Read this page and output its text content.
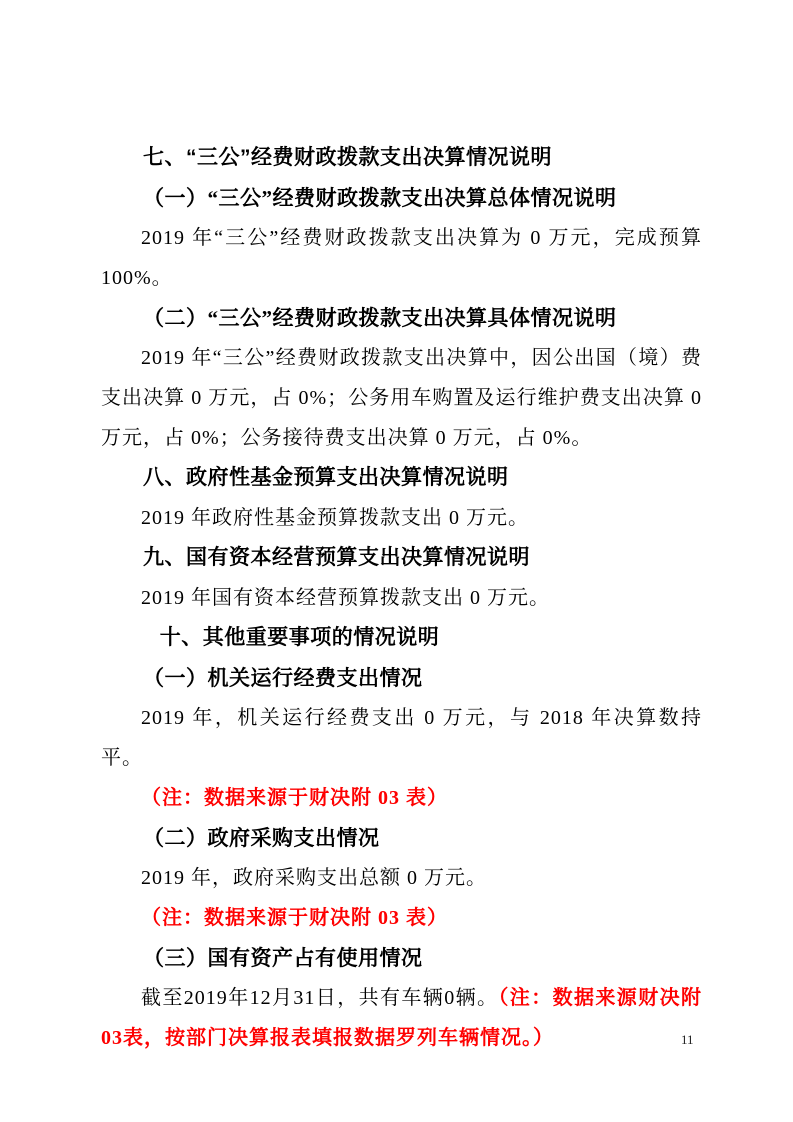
七、“三公”经费财政拨款支出决算情况说明

（一）“三公”经费财政拨款支出决算总体情况说明

2019 年“三公”经费财政拨款支出决算为 0 万元，完成预算 100%。

（二）“三公”经费财政拨款支出决算具体情况说明

2019 年“三公”经费财政拨款支出决算中，因公出国（境）费支出决算 0 万元，占 0%；公务用车购置及运行维护费支出决算 0 万元，占 0%；公务接待费支出决算 0 万元，占 0%。

八、政府性基金预算支出决算情况说明

2019 年政府性基金预算拨款支出 0 万元。

九、国有资本经营预算支出决算情况说明

2019 年国有资本经营预算拨款支出 0 万元。

十、其他重要事项的情况说明

（一）机关运行经费支出情况

2019 年，机关运行经费支出 0 万元，与 2018 年决算数持平。

（注：数据来源于财决附 03 表）

（二）政府采购支出情况

2019 年，政府采购支出总额 0 万元。

（注：数据来源于财决附 03 表）

（三）国有资产占有使用情况

截至2019年12月31日，共有车辆0辆。（注：数据来源财决附03表，按部门决算报表填报数据罗列车辆情况。）	11
